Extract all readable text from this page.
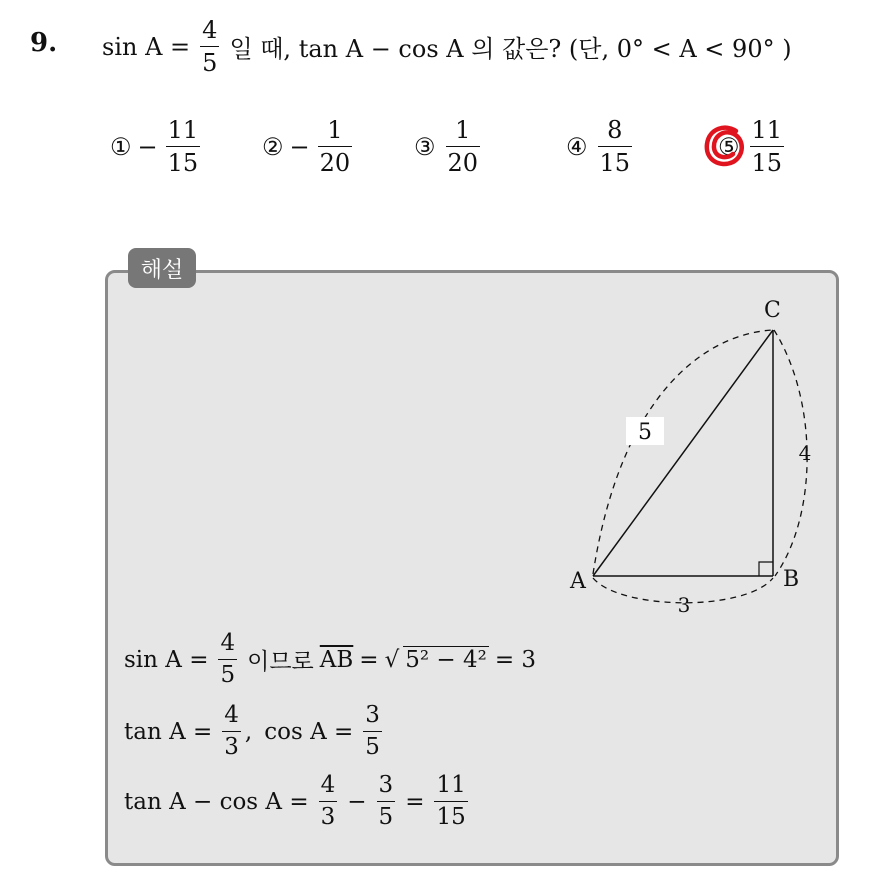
9. $\sin A = \frac{4}{5}$ 일 때, tan A − cos A 의 값은? (단, 0° < A < 90° )
① − $\frac{11}{15}$	② − $\frac{1}{20}$	③ $\frac{1}{20}$	④ $\frac{8}{15}$	⑤ $\frac{11}{15}$
해설
5
4
3
A	B
C
$\sin A = \frac{4}{5}$ 이므로 $\overline{AB}$ = √ 5² − 4² = 3
$\tan A = \frac{4}{3}$ , $\cos A = \frac{3}{5}$
$\tan A - \cos A = \frac{4}{3} - \frac{3}{5} = \frac{11}{15}$
